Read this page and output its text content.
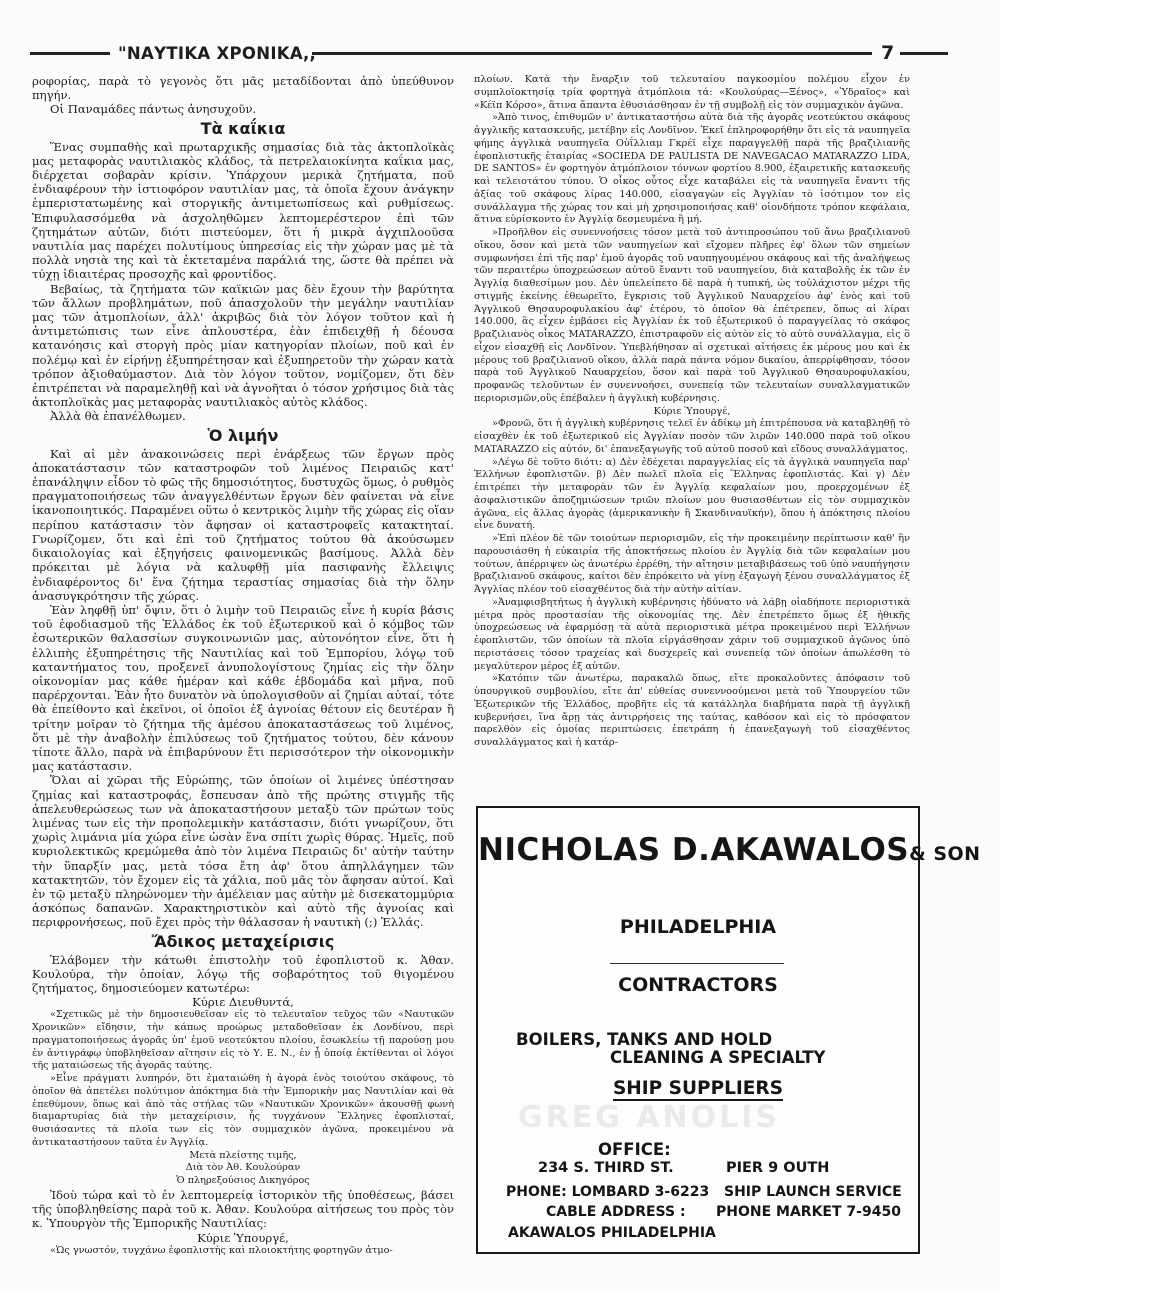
"ΝΑΥΤΙΚΑ ΧΡΟΝΙΚΑ,,	7

ροφορίας, παρὰ τὸ γεγονὸς ὅτι μᾶς μεταδίδονται ἀπὸ ὑπεύθυνον πηγήν.

Οἱ Παναμάδες πάντως ἀνησυχοῦν.

Τὰ καΐκια

Ἕνας συμπαθὴς καὶ πρωταρχικῆς σημασίας διὰ τὰς ἀκτοπλοϊκὰς μας μεταφορὰς ναυτιλιακὸς κλάδος, τὰ πετρελαιοκίνητα καΐκια μας, διέρχεται σοβαρὰν κρίσιν. Ὑπάρχουν μερικὰ ζητήματα, ποῦ ἐνδιαφέρουν τὴν ἱστιοφόρον ναυτιλίαν μας, τὰ ὁποῖα ἔχουν ἀνάγκην ἐμπεριστατωμένης καὶ στοργικῆς ἀντιμετωπίσεως καὶ ρυθμίσεως. Ἐπιφυλασσόμεθα νὰ ἀσχοληθῶμεν λεπτομερέστερον ἐπὶ τῶν ζητημάτων αὐτῶν, διότι πιστεύομεν, ὅτι ἡ μικρὰ ἀγχιπλοοῦσα ναυτιλία μας παρέχει πολυτίμους ὑπηρεσίας εἰς τὴν χώραν μας μὲ τὰ πολλὰ νησιὰ της καὶ τὰ ἐκτεταμένα παράλιά της, ὥστε θὰ πρέπει νὰ τύχῃ ἰδιαιτέρας προσοχῆς καὶ φροντίδος.

Βεβαίως, τὰ ζητήματα τῶν καϊκιῶν μας δὲν ἔχουν τὴν βαρύτητα τῶν ἄλλων προβλημάτων, ποῦ ἀπασχολοῦν τὴν μεγάλην ναυτιλίαν μας τῶν ἀτμοπλοίων, ἀλλ' ἀκριβῶς διὰ τὸν λόγον τοῦτον καὶ ἡ ἀντιμετώπισις των εἶνε ἁπλουστέρα, ἐὰν ἐπιδειχθῇ ἡ δέουσα κατανόησις καὶ στοργὴ πρὸς μίαν κατηγορίαν πλοίων, ποῦ καὶ ἐν πολέμῳ καὶ ἐν εἰρήνῃ ἐξυπηρέτησαν καὶ ἐξυπηρετοῦν τὴν χώραν κατὰ τρόπον ἀξιοθαύμαστον. Διὰ τὸν λόγον τοῦτον, νομίζομεν, ὅτι δὲν ἐπιτρέπεται νὰ παραμεληθῇ καὶ νὰ ἀγνοῆται ὁ τόσον χρήσιμος διὰ τὰς ἀκτοπλοϊκὰς μας μεταφορὰς ναυτιλιακὸς αὐτὸς κλάδος.

Ἀλλὰ θὰ ἐπανέλθωμεν.

Ὁ λιμήν

Καὶ αἱ μὲν ἀνακοινώσεις περὶ ἐνάρξεως τῶν ἔργων πρὸς ἀποκατάστασιν τῶν καταστροφῶν τοῦ λιμένος Πειραιῶς κατ' ἐπανάληψιν εἶδον τὸ φῶς τῆς δημοσιότητος, δυστυχῶς ὅμως, ὁ ρυθμὸς πραγματοποιήσεως τῶν ἀναγγελθέντων ἔργων δὲν φαίνεται νὰ εἶνε ἱκανοποιητικός. Παραμένει οὕτω ὁ κεντρικὸς λιμὴν τῆς χώρας εἰς οἵαν περίπου κατάστασιν τὸν ἄφησαν οἱ καταστροφεῖς κατακτηταί. Γνωρίζομεν, ὅτι καὶ ἐπὶ τοῦ ζητήματος τούτου θὰ ἀκούσωμεν δικαιολογίας καὶ ἐξηγήσεις φαινομενικῶς βασίμους. Ἀλλὰ δὲν πρόκειται μὲ λόγια νὰ καλυφθῇ μία πασιφανὴς ἔλλειψις ἐνδιαφέροντος δι' ἕνα ζήτημα τεραστίας σημασίας διὰ τὴν ὅλην ἀνασυγκρότησιν τῆς χώρας.

Ἐὰν ληφθῇ ὑπ' ὄψιν, ὅτι ὁ λιμὴν τοῦ Πειραιῶς εἶνε ἡ κυρία βάσις τοῦ ἐφοδιασμοῦ τῆς Ἑλλάδος ἐκ τοῦ ἐξωτερικοῦ καὶ ὁ κόμβος τῶν ἐσωτερικῶν θαλασσίων συγκοινωνιῶν μας, αὐτονόητον εἶνε, ὅτι ἡ ἐλλιπὴς ἐξυπηρέτησις τῆς Ναυτιλίας καὶ τοῦ Ἐμπορίου, λόγῳ τοῦ καταντήματος του, προξενεῖ ἀνυπολογίστους ζημίας εἰς τὴν ὅλην οἰκονομίαν μας κάθε ἡμέραν καὶ κάθε ἑβδομάδα καὶ μῆνα, ποῦ παρέρχονται. Ἐὰν ἦτο δυνατὸν νὰ ὑπολογισθοῦν αἱ ζημίαι αὐταί, τότε θὰ ἐπείθοντο καὶ ἐκεῖνοι, οἱ ὁποῖοι ἐξ ἀγνοίας θέτουν εἰς δευτέραν ἢ τρίτην μοῖραν τὸ ζήτημα τῆς ἀμέσου ἀποκαταστάσεως τοῦ λιμένος, ὅτι μὲ τὴν ἀναβολὴν ἐπιλύσεως τοῦ ζητήματος τούτου, δὲν κάνουν τίποτε ἄλλο, παρὰ νὰ ἐπιβαρύνουν ἔτι περισσότερον τὴν οἰκονομικὴν μας κατάστασιν.

Ὅλαι αἱ χῶραι τῆς Εὐρώπης, τῶν ὁποίων οἱ λιμένες ὑπέστησαν ζημίας καὶ καταστροφάς, ἔσπευσαν ἀπὸ τῆς πρώτης στιγμῆς τῆς ἀπελευθερώσεως των νὰ ἀποκαταστήσουν μεταξὺ τῶν πρώτων τοὺς λιμένας των εἰς τὴν προπολεμικὴν κατάστασιν, διότι γνωρίζουν, ὅτι χωρὶς λιμάνια μία χώρα εἶνε ὡσὰν ἕνα σπίτι χωρὶς θύρας. Ἡμεῖς, ποῦ κυριολεκτικῶς κρεμώμεθα ἀπὸ τὸν λιμένα Πειραιῶς δι' αὐτὴν ταύτην τὴν ὕπαρξίν μας, μετὰ τόσα ἔτη ἀφ' ὅτου ἀπηλλάγημεν τῶν κατακτητῶν, τὸν ἔχομεν εἰς τὰ χάλια, ποῦ μᾶς τὸν ἄφησαν αὐτοί. Καὶ ἐν τῷ μεταξὺ πληρώνομεν τὴν ἀμέλειαν μας αὐτὴν μὲ δισεκατομμύρια ἀσκόπως δαπανῶν. Χαρακτηριστικὸν καὶ αὐτὸ τῆς ἀγνοίας καὶ περιφρονήσεως, ποῦ ἔχει πρὸς τὴν θάλασσαν ἡ ναυτικὴ (;) Ἑλλάς.

Ἄδικος μεταχείρισις

Ἐλάβομεν τὴν κάτωθι ἐπιστολὴν τοῦ ἐφοπλιστοῦ κ. Ἀθαν. Κουλούρα, τὴν ὁποίαν, λόγῳ τῆς σοβαρότητος τοῦ θιγομένου ζητήματος, δημοσιεύομεν κατωτέρω:

Κύριε Διευθυντά,

«Σχετικῶς μὲ τὴν δημοσιευθεῖσαν εἰς τὸ τελευταῖον τεῦχος τῶν «Ναυτικῶν Χρονικῶν» εἴδησιν, τὴν κάπως προώρως μεταδοθεῖσαν ἐκ Λονδίνου, περὶ πραγματοποιήσεως ἀγορᾶς ὑπ' ἐμοῦ νεοτεύκτου πλοίου, ἐσωκλείω τῇ παρούσῃ μου ἐν ἀντιγράφῳ ὑποβληθεῖσαν αἴτησιν εἰς τὸ Υ. Ε. Ν., ἐν ᾗ ὁποίᾳ ἐκτίθενται οἱ λόγοι τῆς ματαιώσεως τῆς ἀγορᾶς ταύτης.

»Εἶνε πράγματι λυπηρόν, ὅτι ἐματαιώθη ἡ ἀγορὰ ἑνὸς τοιούτου σκάφους, τὸ ὁποῖον θὰ ἀπετέλει πολύτιμον ἀπόκτημα διὰ τὴν Ἐμπορικὴν μας Ναυτιλίαν καὶ θὰ ἐπεθύμουν, ὅπως καὶ ἀπὸ τὰς στήλας τῶν «Ναυτικῶν Χρονικῶν» ἀκουσθῇ φωνὴ διαμαρτυρίας διὰ τὴν μεταχείρισιν, ἧς τυγχάνουν Ἕλληνες ἐφοπλισταί, θυσιάσαντες τὰ πλοῖα των εἰς τὸν συμμαχικὸν ἀγῶνα, προκειμένου νὰ ἀντικαταστήσουν ταῦτα ἐν Ἀγγλίᾳ.

Μετὰ πλείστης τιμῆς,

Διὰ τὸν Ἀθ. Κουλούραν

Ὁ πληρεξούσιος Δικηγόρος

Ἰδοὺ τώρα καὶ τὸ ἐν λεπτομερείᾳ ἱστορικὸν τῆς ὑποθέσεως, βάσει τῆς ὑποβληθείσης παρὰ τοῦ κ. Ἀθαν. Κουλούρα αἰτήσεως του πρὸς τὸν κ. Ὑπουργὸν τῆς Ἐμπορικῆς Ναυτιλίας:

Κύριε Ὑπουργέ,

«Ὡς γνωστόν, τυγχάνω ἐφοπλιστὴς καὶ πλοιοκτήτης φορτηγῶν ἀτμο-

πλοίων. Κατὰ τὴν ἔναρξιν τοῦ τελευταίου παγκοσμίου πολέμου εἶχον ἐν συμπλοϊοκτησίᾳ τρία φορτηγὰ ἀτμόπλοια τά: «Κουλούρας—Ξένος», «Ὑδραῖος» καὶ «Κέϊπ Κόρσο», ἅτινα ἅπαντα ἐθυσιάσθησαν ἐν τῇ συμβολῇ εἰς τὸν συμμαχικὸν ἀγῶνα.

»Ἀπὸ τινος, ἐπιθυμῶν ν' ἀντικαταστήσω αὐτὰ διὰ τῆς ἀγορᾶς νεοτεύκτου σκάφους ἀγγλικῆς κατασκευῆς, μετέβην εἰς Λονδῖνον. Ἐκεῖ ἐπληροφορήθην ὅτι εἰς τὰ ναυπηγεῖα φήμης ἀγγλικὰ ναυπηγεῖα Οὐΐλλιαμ Γκρέϊ εἶχε παραγγελθῇ παρὰ τῆς βραζιλιανῆς ἐφοπλιστικῆς ἑταιρίας «SOCIEDA DE PAULISTA DE NAVEGACAO MATARAZZO LIDA, DE SANTOS» ἐν φορτηγὸν ἀτμόπλοιον τόννων φορτίου 8.900, ἐξαιρετικῆς κατασκευῆς καὶ τελειοτάτου τύπου. Ὁ οἶκος οὗτος εἶχε καταβάλει εἰς τὰ ναυπηγεῖα ἔναντι τῆς ἀξίας τοῦ σκάφους λίρας 140.000, εἰσαγαγὼν εἰς Ἀγγλίαν τὸ ἰσότιμον τον εἰς συνάλλαγμα τῆς χώρας τον καὶ μὴ χρησιμοποιήσας καθ' οἱονδήποτε τρόπον κεφάλαια, ἅτινα εὑρίσκοντο ἐν Ἀγγλίᾳ δεσμευμένα ἢ μή.

»Προῆλθον εἰς συνεννοήσεις τόσον μετὰ τοῦ ἀντιπροσώπου τοῦ ἄνω βραζιλιανοῦ οἴκου, ὅσον καὶ μετὰ τῶν ναυπηγείων καὶ εἴχομεν πλῆρες ἐφ' ὅλων τῶν σημείων συμφωνήσει ἐπὶ τῆς παρ' ἐμοῦ ἀγορᾶς τοῦ ναυπηγουμένου σκάφους καὶ τῆς ἀναλήψεως τῶν περαιτέρω ὑποχρεώσεων αὐτοῦ ἔναντι τοῦ ναυπηγείου, διὰ καταβολῆς ἐκ τῶν ἐν Ἀγγλίᾳ διαθεσίμων μου. Δὲν ὑπελείπετο δὲ παρὰ ἡ τυπική, ὡς τοὐλάχιστον μέχρι τῆς στιγμῆς ἐκείνης ἐθεωρεῖτο, ἔγκρισις τοῦ Ἀγγλικοῦ Ναυαρχείου ἀφ' ἑνὸς καὶ τοῦ Ἀγγλικοῦ Θησαυροφυλακίου ἀφ' ἑτέρου, τὸ ὁποῖον θὰ ἐπέτρεπεν, ὅπως αἱ λίραι 140.000, ἃς εἶχεν ἐμβάσει εἰς Ἀγγλίαν ἐκ τοῦ ἐξωτερικοῦ ὁ παραγγείλας τὸ σκάφος βραζιλιανὸς οἶκος MATARAZZO, ἐπιστραφοῦν εἰς αὐτὸν εἰς τὸ αὐτὸ συνάλλαγμα, εἰς ὃ εἶχον εἰσαχθῇ εἰς Λονδῖνον. Ὑπεβλήθησαν αἱ σχετικαὶ αἰτήσεις ἐκ μέρους μου καὶ ἐκ μέρους τοῦ βραζιλιανοῦ οἴκου, ἀλλὰ παρὰ πάντα νόμον δικαίου, ἀπερρίφθησαν, τόσον παρὰ τοῦ Ἀγγλικοῦ Ναυαρχείου, ὅσον καὶ παρὰ τοῦ Ἀγγλικοῦ Θησαυροφυλακίου, προφανῶς τελοῦντων ἐν συνεννοήσει, συνεπείᾳ τῶν τελευταίων συναλλαγματικῶν περιορισμῶν,οὓς ἐπέβαλεν ἡ ἀγγλικὴ κυβέρνησις.

Κύριε Ὑπουργέ,

»Φρονῶ, ὅτι ἡ ἀγγλικὴ κυβέρνησις τελεῖ ἐν ἀδίκῳ μὴ ἐπιτρέπουσα νὰ καταβληθῇ τὸ εἰσαχθὲν ἐκ τοῦ ἐξωτερικοῦ εἰς Ἀγγλίαν ποσὸν τῶν λιρῶν 140.000 παρὰ τοῦ οἴκου MATARAZZO εἰς αὐτόν, δι' ἐπανεξαγωγῆς τοῦ αὐτοῦ ποσοῦ καὶ εἴδους συναλλάγματος.

»Λέγω δὲ τοῦτο διότι: α) Δὲν ἐδέχεται παραγγελίας εἰς τὰ ἀγγλικὰ ναυπηγεῖα παρ' Ἑλλήνων ἐφοπλιστῶν. β) Δὲν πωλεῖ πλοῖα εἰς Ἕλληνας ἐφοπλιστάς. Καὶ γ) Δὲν ἐπιτρέπει τὴν μεταφορὰν τῶν ἐν Ἀγγλίᾳ κεφαλαίων μου, προερχομένων ἐξ ἀσφαλιστικῶν ἀποζημιώσεων τριῶν πλοίων μου θυσιασθέντων εἰς τὸν συμμαχικὸν ἀγῶνα, εἰς ἄλλας ἀγορὰς (ἀμερικανικὴν ἢ Σκανδιναυϊκήν), ὅπου ἡ ἀπόκτησις πλοίου εἶνε δυνατή.

»Ἐπὶ πλέον δὲ τῶν τοιούτων περιορισμῶν, εἰς τὴν προκειμένην περίπτωσιν καθ' ἣν παρουσιάσθη ἡ εὐκαιρία τῆς ἀποκτήσεως πλοίου ἐν Ἀγγλίᾳ διὰ τῶν κεφαλαίων μου τούτων, ἀπέρριψεν ὡς ἀνωτέρω ἐρρέθη, τὴν αἴτησιν μεταβιβάσεως τοῦ ὑπὸ ναυπήγησιν βραζιλιανοῦ σκάφους, καίτοι δὲν ἐπρόκειτο νὰ γίνῃ ἐξαγωγὴ ξένου συναλλάγματος ἐξ Ἀγγλίας πλέον τοῦ εἰσαχθέντος διὰ τὴν αὐτὴν αἰτίαν.

»Ἀναμφισβητήτως ἡ ἀγγλικὴ κυβέρνησις ἠδύνατο νὰ λάβῃ οἱαδήποτε περιοριστικὰ μέτρα πρὸς προστασίαν τῆς οἰκονομίας της. Δὲν ἐπετρέπετο ὅμως ἐξ ἠθικῆς ὑποχρεώσεως νὰ ἐφαρμόσῃ τὰ αὐτὰ περιοριστικὰ μέτρα προκειμένου περὶ Ἑλλήνων ἐφοπλιστῶν, τῶν ὁποίων τὰ πλοῖα εἰργάσθησαν χάριν τοῦ συμμαχικοῦ ἀγῶνος ὑπὸ περιστάσεις τόσον τραχείας καὶ δυσχερεῖς καὶ συνεπείᾳ τῶν ὁποίων ἀπωλέσθη τὸ μεγαλύτερον μέρος ἐξ αὐτῶν.

»Κατόπιν τῶν ἀνωτέρω, παρακαλῶ ὅπως, εἴτε προκαλοῦντες ἀπόφασιν τοῦ ὑπουργικοῦ συμβουλίου, εἴτε ἀπ' εὐθείας συνεννοούμενοι μετὰ τοῦ Ὑπουργείου τῶν Ἐξωτερικῶν τῆς Ἑλλάδος, προβῆτε εἰς τὰ κατάλληλα διαβήματα παρὰ τῇ ἀγγλικῇ κυβερνήσει, ἵνα ἄρῃ τὰς ἀντιρρήσεις της ταύτας, καθόσον καὶ εἰς τὸ πρόσφατον παρελθὸν εἰς ὁμοίας περιπτώσεις ἐπετράπη ἡ ἐπανεξαγωγὴ τοῦ εἰσαχθέντος συναλλάγματος καὶ ἡ κατάρ-

GREG ANOLIS
NICHOLAS D.AKAWALOS& SON
PHILADELPHIA
CONTRACTORS
BOILERS, TANKS AND HOLD
CLEANING A SPECIALTY
SHIP SUPPLIERS
OFFICE:
234 S. THIRD ST.
PHONE: LOMBARD 3-6223
CABLE ADDRESS :
AKAWALOS PHILADELPHIA
PIER 9 OUTH
SHIP LAUNCH SERVICE
PHONE MARKET 7-9450
